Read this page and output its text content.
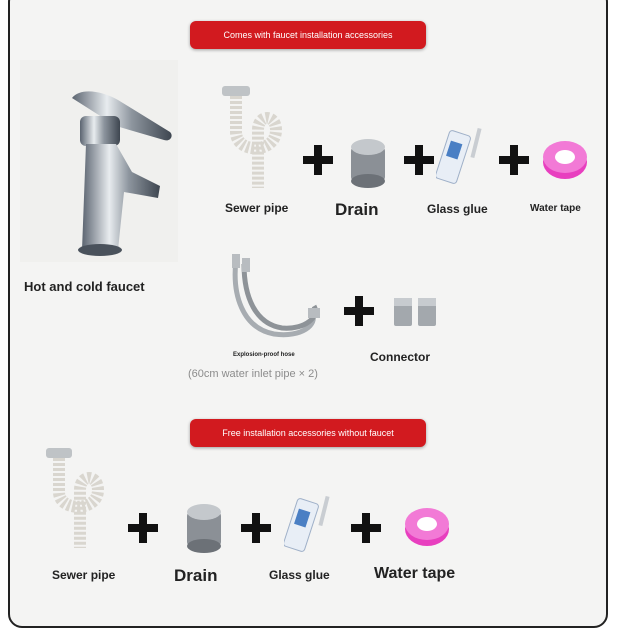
Comes with faucet installation accessories
Hot and cold faucet
Sewer pipe	Drain	Glass glue	Water tape
Explosion-proof hose	Connector
(60cm water inlet pipe × 2)
Free installation accessories without faucet
Sewer pipe	Drain	Glass glue	Water tape
